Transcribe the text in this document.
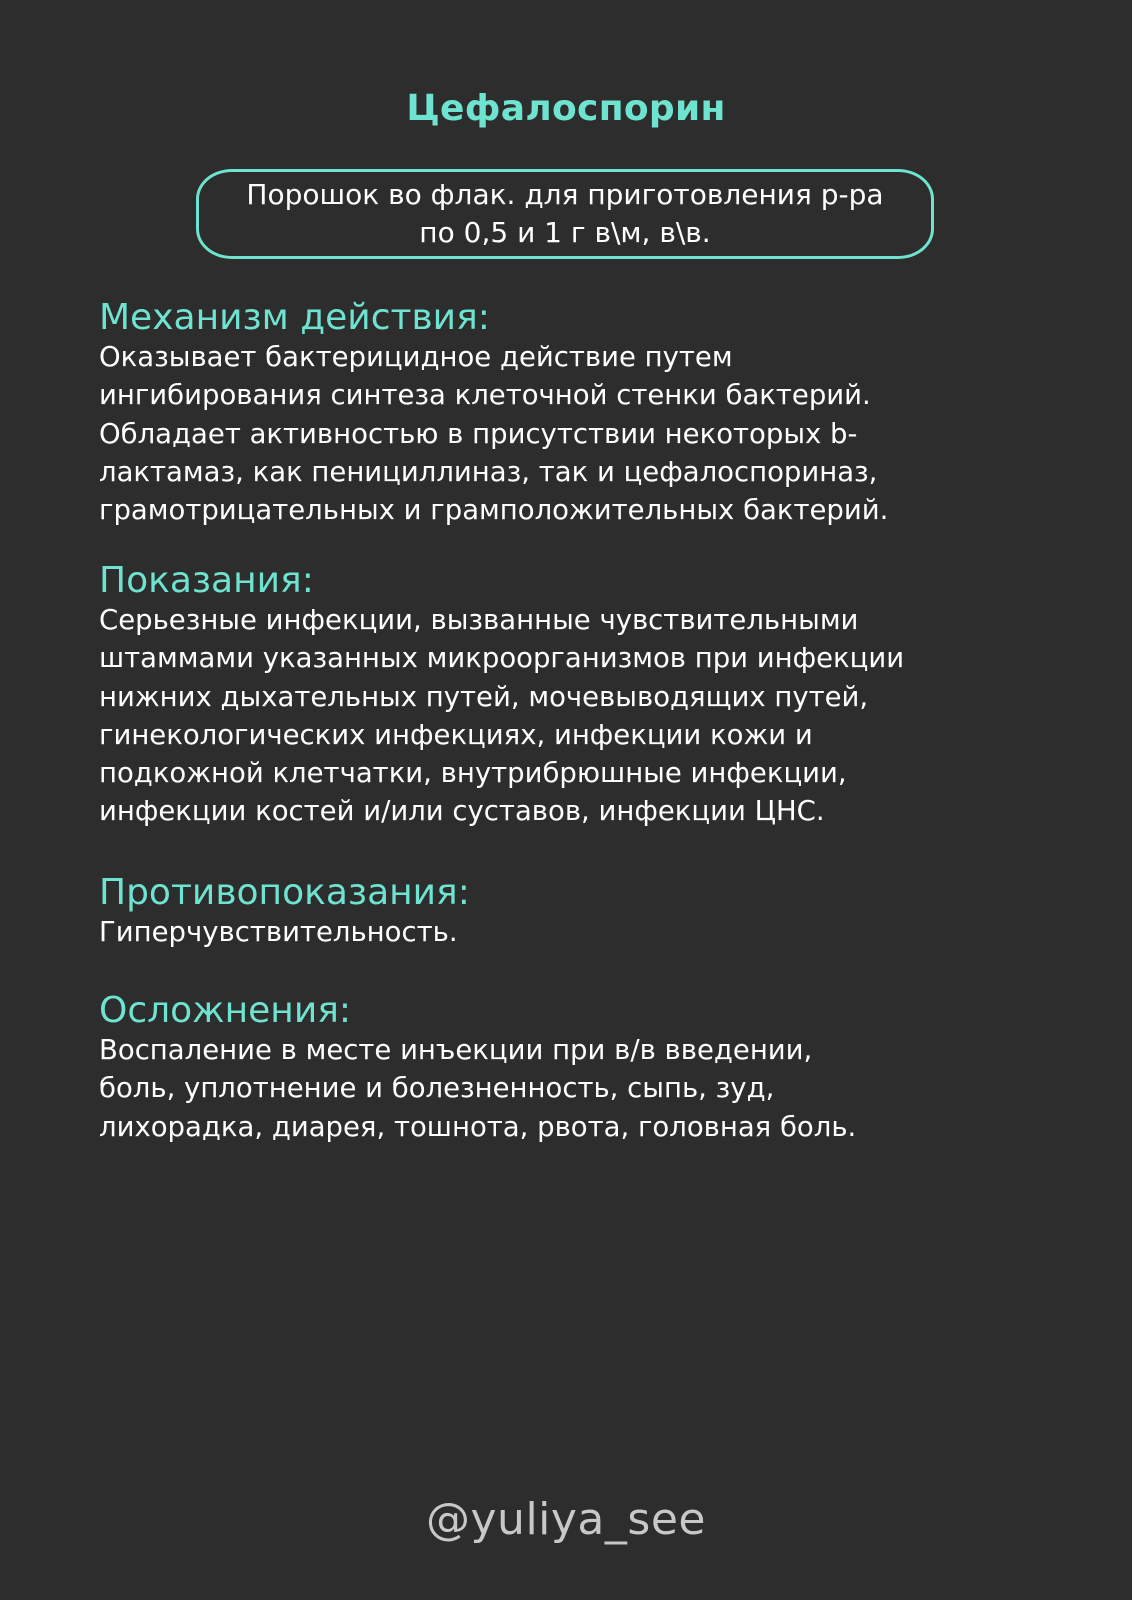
Цефалоспорин
Порошок во флак. для приготовления р-ра
по 0,5 и 1 г в\м, в\в.
Механизм действия:

Оказывает бактерицидное действие путем
ингибирования синтеза клеточной стенки бактерий.
Обладает активностью в присутствии некоторых b-
лактамаз, как пенициллиназ, так и цефалоспориназ,
грамотрицательных и грамположительных бактерий.

Показания:

Серьезные инфекции, вызванные чувствительными
штаммами указанных микроорганизмов при инфекции
нижних дыхательных путей, мочевыводящих путей,
гинекологических инфекциях, инфекции кожи и
подкожной клетчатки, внутрибрюшные инфекции,
инфекции костей и/или суставов, инфекции ЦНС.

Противопоказания:

Гиперчувствительность.

Осложнения:

Воспаление в месте инъекции при в/в введении,
боль, уплотнение и болезненность, сыпь, зуд,
лихорадка, диарея, тошнота, рвота, головная боль.

@yuliya_see
